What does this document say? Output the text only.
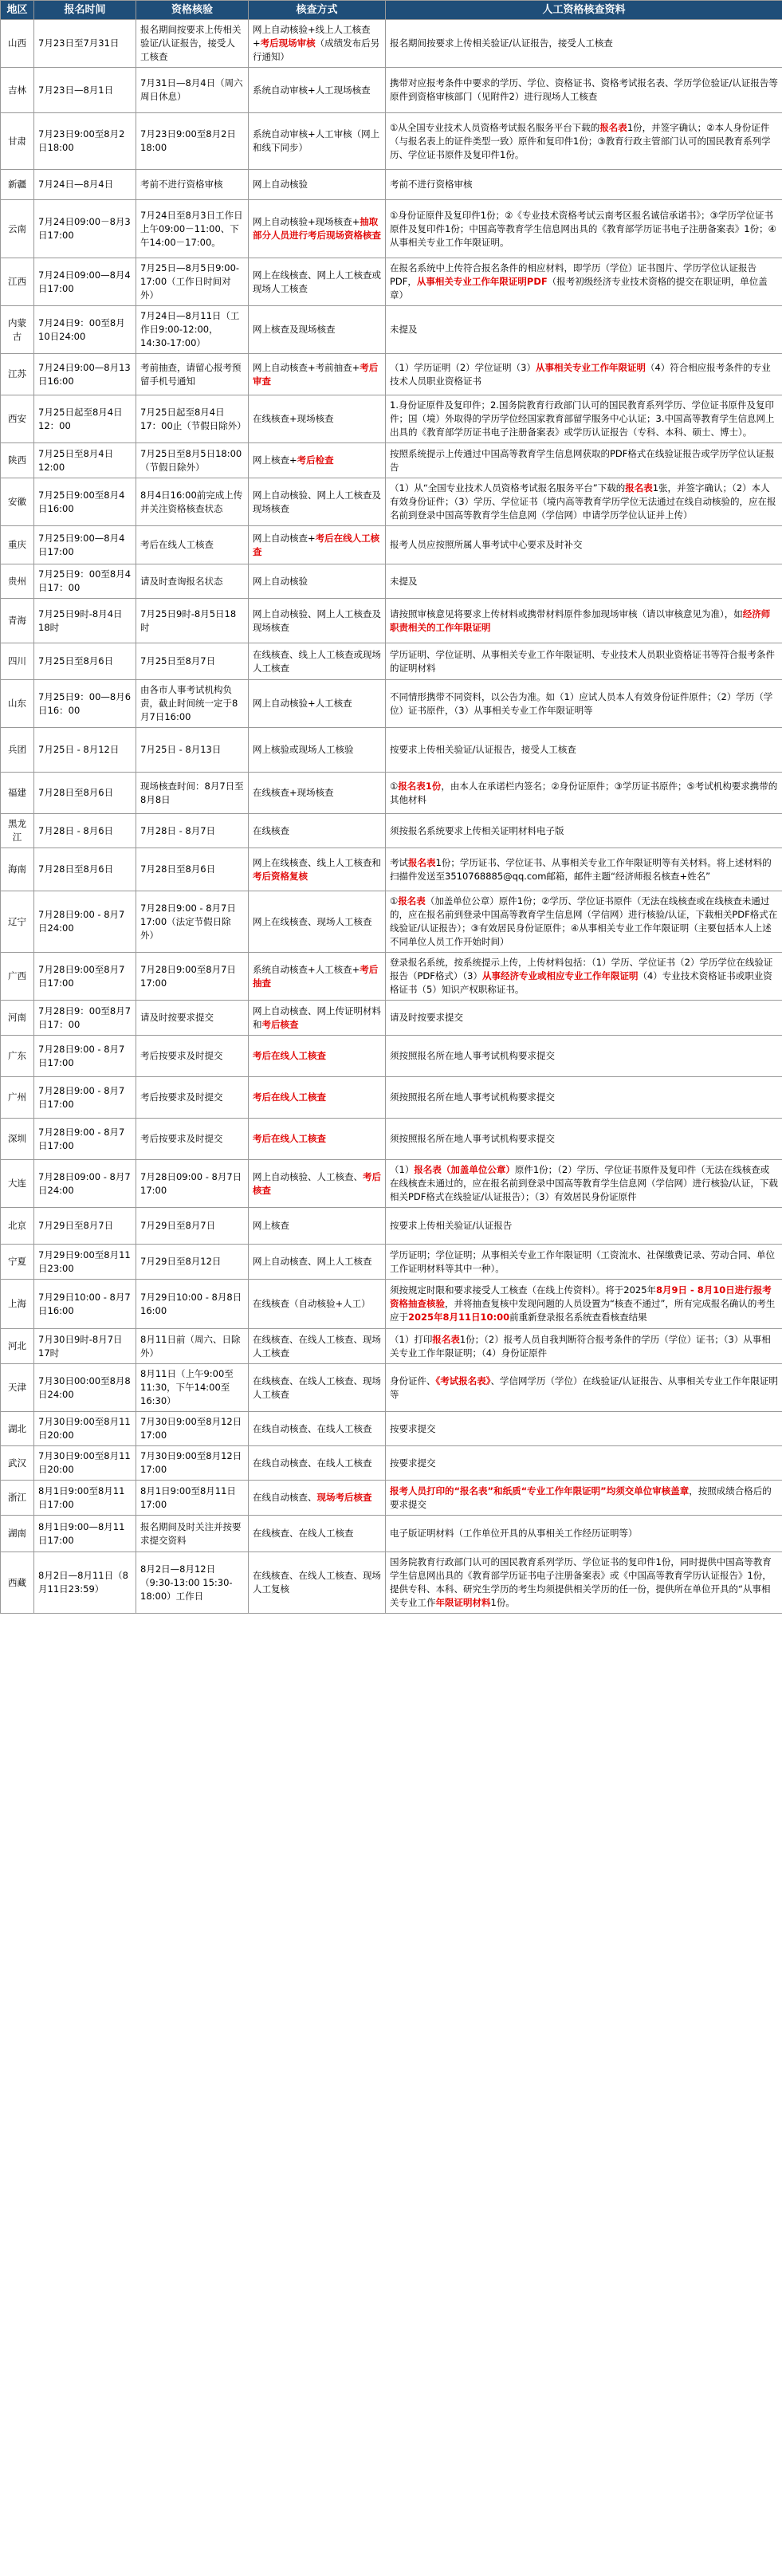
地区	报名时间	资格核验	核查方式	人工资格核查资料
山西	7月23日至7月31日	报名期间按要求上传相关验证/认证报告，接受人工核查	网上自动核验+线上人工核查+考后现场审核（成绩发布后另行通知）	报名期间按要求上传相关验证/认证报告，接受人工核查
吉林	7月23日—8月1日	7月31日—8月4日（周六周日休息）	系统自动审核+人工现场核查	携带对应报考条件中要求的学历、学位、资格证书、资格考试报名表、学历学位验证/认证报告等原件到资格审核部门（见附件2）进行现场人工核查
甘肃	7月23日9:00至8月2日18:00	7月23日9:00至8月2日18:00	系统自动审核+人工审核（网上和线下同步）	①从全国专业技术人员资格考试报名服务平台下载的报名表1份，并签字确认；②本人身份证件（与报名表上的证件类型一致）原件和复印件1份；③教育行政主管部门认可的国民教育系列学历、学位证书原件及复印件1份。
新疆	7月24日—8月4日	考前不进行资格审核	网上自动核验	考前不进行资格审核
云南	7月24日09:00－8月3日17:00	7月24日至8月3日工作日上午09:00－11:00、下午14:00－17:00。	网上自动核验+现场核查+抽取部分人员进行考后现场资格核查	①身份证原件及复印件1份；②《专业技术资格考试云南考区报名诚信承诺书》；③学历学位证书原件及复印件1份；中国高等教育学生信息网出具的《教育部学历证书电子注册备案表》1份；④从事相关专业工作年限证明。
江西	7月24日09:00—8月4日17:00	7月25日—8月5日9:00-17:00（工作日时间对外）	网上在线核查、网上人工核查或现场人工核查	在报名系统中上传符合报名条件的相应材料，即学历（学位）证书图片、学历学位认证报告PDF，从事相关专业工作年限证明PDF（报考初级经济专业技术资格的提交在职证明，单位盖章）
内蒙古	7月24日9：00至8月10日24:00	7月24日—8月11日（工作日9:00-12:00，14:30-17:00）	网上核查及现场核查	未提及
江苏	7月24日9:00—8月13日16:00	考前抽查，请留心报考预留手机号通知	网上自动核查+考前抽查+考后审查	（1）学历证明（2）学位证明（3）从事相关专业工作年限证明（4）符合相应报考条件的专业技术人员职业资格证书
西安	7月25日起至8月4日12：00	7月25日起至8月4日17：00止（节假日除外）	在线核查+现场核查	1.身份证原件及复印件；2.国务院教育行政部门认可的国民教育系列学历、学位证书原件及复印件；国（境）外取得的学历学位经国家教育部留学服务中心认证；3.中国高等教育学生信息网上出具的《教育部学历证书电子注册备案表》或学历认证报告（专科、本科、硕士、博士）。
陕西	7月25日至8月4日12:00	7月25日至8月5日18:00（节假日除外）	网上核查+考后检查	按照系统提示上传通过中国高等教育学生信息网获取的PDF格式在线验证报告或学历学位认证报告
安徽	7月25日9:00至8月4日16:00	8月4日16:00前完成上传并关注资格核查状态	网上自动核验、网上人工核查及现场核查	（1）从“全国专业技术人员资格考试报名服务平台”下载的报名表1张，并签字确认；（2）本人有效身份证件；（3）学历、学位证书（境内高等教育学历学位无法通过在线自动核验的，应在报名前到登录中国高等教育学生信息网（学信网）申请学历学位认证并上传）
重庆	7月25日9:00—8月4日17:00	考后在线人工核查	网上自动核查+考后在线人工核查	报考人员应按照所属人事考试中心要求及时补交
贵州	7月25日9：00至8月4日17：00	请及时查询报名状态	网上自动核验	未提及
青海	7月25日9时-8月4日18时	7月25日9时-8月5日18时	网上自动核验、网上人工核查及现场核查	请按照审核意见将要求上传材料或携带材料原件参加现场审核（请以审核意见为准），如经济师职责相关的工作年限证明
四川	7月25日至8月6日	7月25日至8月7日	在线核查、线上人工核查或现场人工核查	学历证明、学位证明、从事相关专业工作年限证明、专业技术人员职业资格证书等符合报考条件的证明材料
山东	7月25日9：00—8月6日16：00	由各市人事考试机构负责，截止时间统一定于8月7日16:00	网上自动核验+人工核查	不同情形携带不同资料，以公告为准。如（1）应试人员本人有效身份证件原件；（2）学历（学位）证书原件，（3）从事相关专业工作年限证明等
兵团	7月25日 - 8月12日	7月25日 - 8月13日	网上核验或现场人工核验	按要求上传相关验证/认证报告，接受人工核查
福建	7月28日至8月6日	现场核查时间：8月7日至8月8日	在线核查+现场核查	①报名表1份，由本人在承诺栏内签名；②身份证原件；③学历证书原件；⑤考试机构要求携带的其他材料
黑龙江	7月28日 - 8月6日	7月28日 - 8月7日	在线核查	须按报名系统要求上传相关证明材料电子版
海南	7月28日至8月6日	7月28日至8月6日	网上在线核查、线上人工核查和考后资格复核	考试报名表1份；学历证书、学位证书、从事相关专业工作年限证明等有关材料。将上述材料的扫描件发送至3510768885@qq.com邮箱，邮件主题“经济师报名核查+姓名”
辽宁	7月28日9:00 - 8月7日24:00	7月28日9:00 - 8月7日17:00（法定节假日除外）	网上在线核查、现场人工核查	①报名表（加盖单位公章）原件1份；②学历、学位证书原件（无法在线核查或在线核查未通过的，应在报名前到登录中国高等教育学生信息网（学信网）进行核验/认证，下载相关PDF格式在线验证/认证报告）；③有效居民身份证原件；④从事相关专业工作年限证明（主要包括本人上述不同单位人员工作开始时间）
广西	7月28日9:00至8月7日17:00	7月28日9:00至8月7日17:00	系统自动核查+人工核查+考后抽查	登录报名系统，按系统提示上传，上传材料包括：（1）学历、学位证书（2）学历学位在线验证报告（PDF格式）（3）从事经济专业或相应专业工作年限证明（4）专业技术资格证书或职业资格证书（5）知识产权职称证书。
河南	7月28日9：00至8月7日17：00	请及时按要求提交	网上自动核查、网上传证明材料和考后核查	请及时按要求提交
广东	7月28日9:00 - 8月7日17:00	考后按要求及时提交	考后在线人工核查	须按照报名所在地人事考试机构要求提交
广州	7月28日9:00 - 8月7日17:00	考后按要求及时提交	考后在线人工核查	须按照报名所在地人事考试机构要求提交
深圳	7月28日9:00 - 8月7日17:00	考后按要求及时提交	考后在线人工核查	须按照报名所在地人事考试机构要求提交
大连	7月28日09:00 - 8月7日24:00	7月28日09:00 - 8月7日17:00	网上自动核验、人工核查、考后核查	（1）报名表（加盖单位公章）原件1份；（2）学历、学位证书原件及复印件（无法在线核查或在线核查未通过的，应在报名前到登录中国高等教育学生信息网（学信网）进行核验/认证，下载相关PDF格式在线验证/认证报告）；（3）有效居民身份证原件
北京	7月29日至8月7日	7月29日至8月7日	网上核查	按要求上传相关验证/认证报告
宁夏	7月29日9:00至8月11日23:00	7月29日至8月12日	网上自动核查、网上人工核查	学历证明；学位证明；从事相关专业工作年限证明（工资流水、社保缴费记录、劳动合同、单位工作证明材料等其中一种）。
上海	7月29日10:00 - 8月7日16:00	7月29日10:00 - 8月8日16:00	在线核查（自动核验+人工）	须按规定时限和要求接受人工核查（在线上传资料）。将于2025年8月9日 - 8月10日进行报考资格抽查核验，并将抽查复核中发现问题的人员设置为“核查不通过”，所有完成报名确认的考生应于2025年8月11日10:00前重新登录报名系统查看核查结果
河北	7月30日9时-8月7日17时	8月11日前（周六、日除外）	在线核查、在线人工核查、现场人工核查	（1）打印报名表1份；（2）报考人员自我判断符合报考条件的学历（学位）证书；（3）从事相关专业工作年限证明；（4）身份证原件
天津	7月30日00:00至8月8日24:00	8月11日（上午9:00至11:30，下午14:00至16:30）	在线核查、在线人工核查、现场人工核查	身份证件、《考试报名表》、学信网学历（学位）在线验证/认证报告、从事相关专业工作年限证明等
湖北	7月30日9:00至8月11日20:00	7月30日9:00至8月12日17:00	在线自动核查、在线人工核查	按要求提交
武汉	7月30日9:00至8月11日20:00	7月30日9:00至8月12日17:00	在线自动核查、在线人工核查	按要求提交
浙江	8月1日9:00至8月11日17:00	8月1日9:00至8月11日17:00	在线自动核查、现场考后核查	报考人员打印的“报名表”和纸质“专业工作年限证明”均须交单位审核盖章，按照成绩合格后的要求提交
湖南	8月1日9:00—8月11日17:00	报名期间及时关注并按要求提交资料	在线核查、在线人工核查	电子版证明材料（工作单位开具的从事相关工作经历证明等）
西藏	8月2日—8月11日（8月11日23:59）	8月2日—8月12日（9:30-13:00 15:30-18:00）工作日	在线核查、在线人工核查、现场人工复核	国务院教育行政部门认可的国民教育系列学历、学位证书的复印件1份，同时提供中国高等教育学生信息网出具的《教育部学历证书电子注册备案表》或《中国高等教育学历认证报告》1份，提供专科、本科、研究生学历的考生均须提供相关学历的任一份，提供所在单位开具的“从事相关专业工作年限证明材料1份。
